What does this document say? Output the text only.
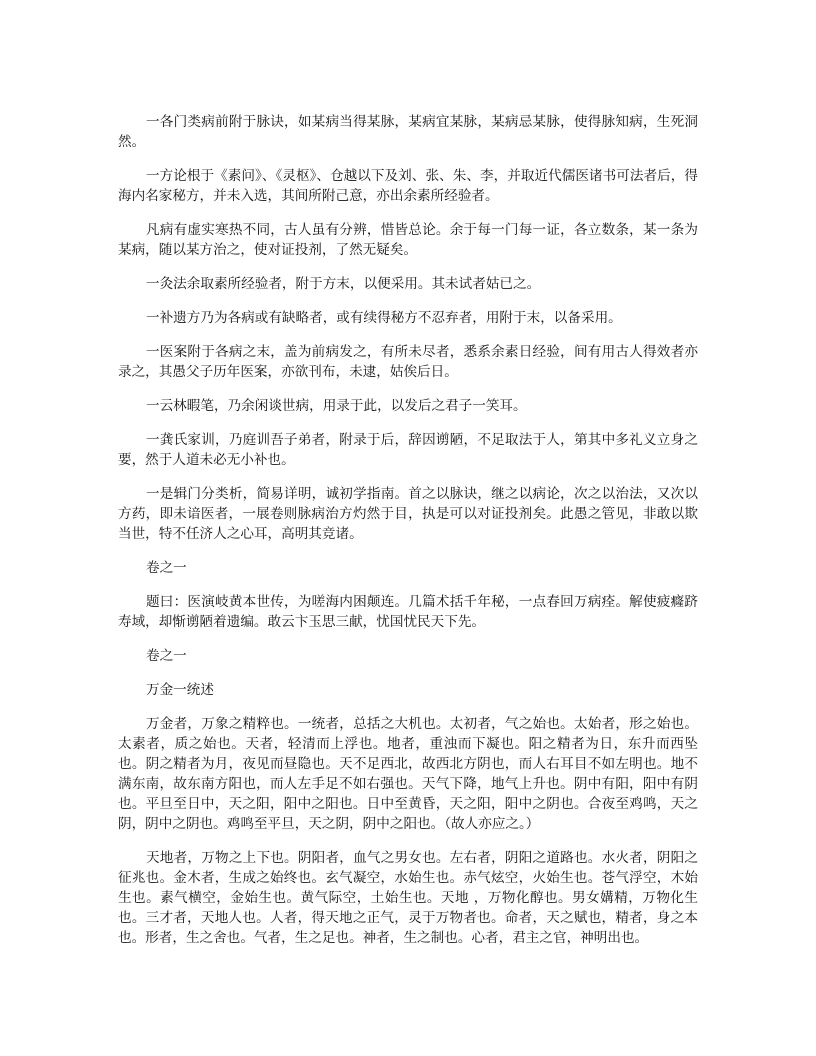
一各门类病前附于脉诀，如某病当得某脉，某病宜某脉，某病忌某脉，使得脉知病，生死洞然。

一方论根于《素问》、《灵枢》、仓越以下及刘、张、朱、李，并取近代儒医诸书可法者后，得海内名家秘方，并未入选，其间所附己意，亦出余素所经验者。

凡病有虚实寒热不同，古人虽有分辨，惜皆总论。余于每一门每一证，各立数条，某一条为某病，随以某方治之，使对证投剂，了然无疑矣。

一灸法余取素所经验者，附于方末，以便采用。其未试者姑已之。

一补遗方乃为各病或有缺略者，或有续得秘方不忍弃者，用附于末，以备采用。

一医案附于各病之末，盖为前病发之，有所未尽者，悉系余素日经验，间有用古人得效者亦录之，其愚父子历年医案，亦欲刊布，未逮，姑俟后日。

一云林暇笔，乃余闲谈世病，用录于此，以发后之君子一笑耳。

一龚氏家训，乃庭训吾子弟者，附录于后，辞因谫陋，不足取法于人，第其中多礼义立身之要，然于人道未必无小补也。

一是辑门分类析，简易详明，诚初学指南。首之以脉诀，继之以病论，次之以治法，又次以方药，即未谙医者，一展卷则脉病治方灼然于目，执是可以对证投剂矣。此愚之管见，非敢以欺当世，特不任济人之心耳，高明其竞诸。

卷之一

题曰：医演岐黄本世传，为嗟海内困颠连。几篇术括千年秘，一点春回万病痊。解使疲癃跻寿域，却惭谫陋着遗编。敢云卞玉思三献，忧国忧民天下先。

卷之一

万金一统述

万金者，万象之精粹也。一统者，总括之大机也。太初者，气之始也。太始者，形之始也。太素者，质之始也。天者，轻清而上浮也。地者，重浊而下凝也。阳之精者为日，东升而西坠也。阴之精者为月，夜见而昼隐也。天不足西北，故西北方阴也，而人右耳目不如左明也。地不满东南，故东南方阳也，而人左手足不如右强也。天气下降，地气上升也。阴中有阳，阳中有阴也。平旦至日中，天之阳，阳中之阳也。日中至黄昏，天之阳，阳中之阴也。合夜至鸡鸣，天之阴，阴中之阴也。鸡鸣至平旦，天之阴，阴中之阳也。（故人亦应之。）

天地者，万物之上下也。阴阳者，血气之男女也。左右者，阴阳之道路也。水火者，阴阳之征兆也。金木者，生成之始终也。玄气凝空，水始生也。赤气炫空，火始生也。苍气浮空，木始生也。素气横空，金始生也。黄气际空，土始生也。天地 ，万物化醇也。男女媾精，万物化生也。三才者，天地人也。人者，得天地之正气，灵于万物者也。命者，天之赋也，精者，身之本也。形者，生之舍也。气者，生之足也。神者，生之制也。心者，君主之官，神明出也。
